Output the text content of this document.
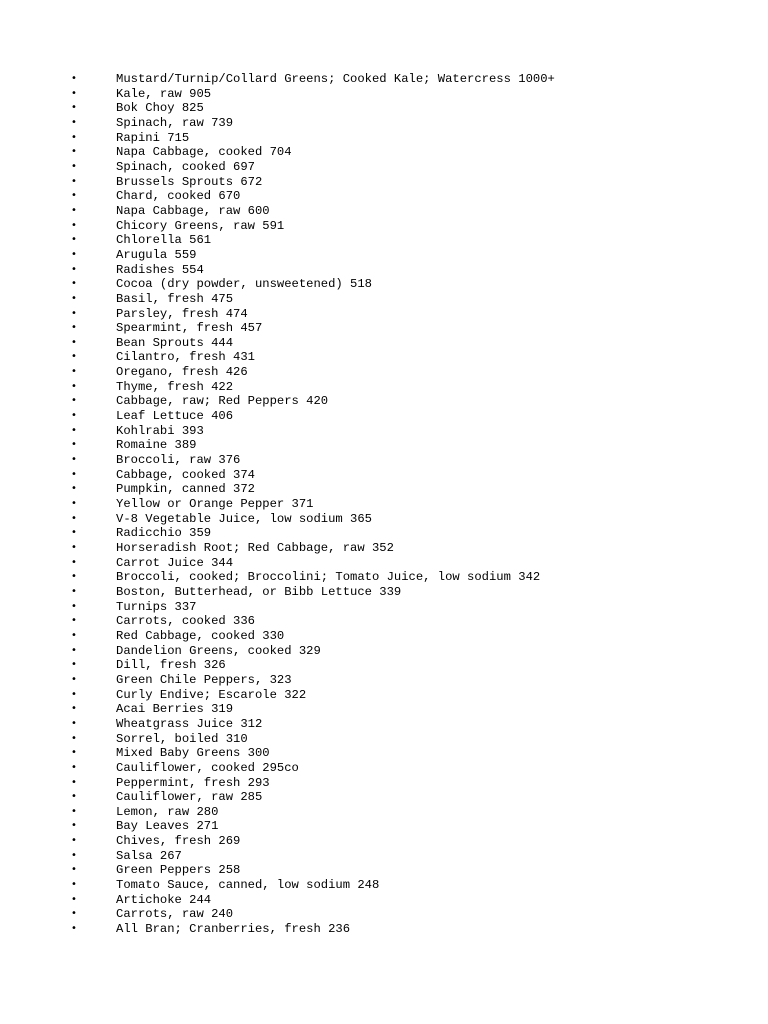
•	Mustard/Turnip/Collard Greens; Cooked Kale; Watercress 1000+
•	Kale, raw 905
•	Bok Choy 825
•	Spinach, raw 739
•	Rapini 715
•	Napa Cabbage, cooked 704
•	Spinach, cooked 697
•	Brussels Sprouts 672
•	Chard, cooked 670
•	Napa Cabbage, raw 600
•	Chicory Greens, raw 591
•	Chlorella 561
•	Arugula 559
•	Radishes 554
•	Cocoa (dry powder, unsweetened) 518
•	Basil, fresh 475
•	Parsley, fresh 474
•	Spearmint, fresh 457
•	Bean Sprouts 444
•	Cilantro, fresh 431
•	Oregano, fresh 426
•	Thyme, fresh 422
•	Cabbage, raw; Red Peppers 420
•	Leaf Lettuce 406
•	Kohlrabi 393
•	Romaine 389
•	Broccoli, raw 376
•	Cabbage, cooked 374
•	Pumpkin, canned 372
•	Yellow or Orange Pepper 371
•	V-8 Vegetable Juice, low sodium 365
•	Radicchio 359
•	Horseradish Root; Red Cabbage, raw 352
•	Carrot Juice 344
•	Broccoli, cooked; Broccolini; Tomato Juice, low sodium 342
•	Boston, Butterhead, or Bibb Lettuce 339
•	Turnips 337
•	Carrots, cooked 336
•	Red Cabbage, cooked 330
•	Dandelion Greens, cooked 329
•	Dill, fresh 326
•	Green Chile Peppers, 323
•	Curly Endive; Escarole 322
•	Acai Berries 319
•	Wheatgrass Juice 312
•	Sorrel, boiled 310
•	Mixed Baby Greens 300
•	Cauliflower, cooked 295co
•	Peppermint, fresh 293
•	Cauliflower, raw 285
•	Lemon, raw 280
•	Bay Leaves 271
•	Chives, fresh 269
•	Salsa 267
•	Green Peppers 258
•	Tomato Sauce, canned, low sodium 248
•	Artichoke 244
•	Carrots, raw 240
•	All Bran; Cranberries, fresh 236
